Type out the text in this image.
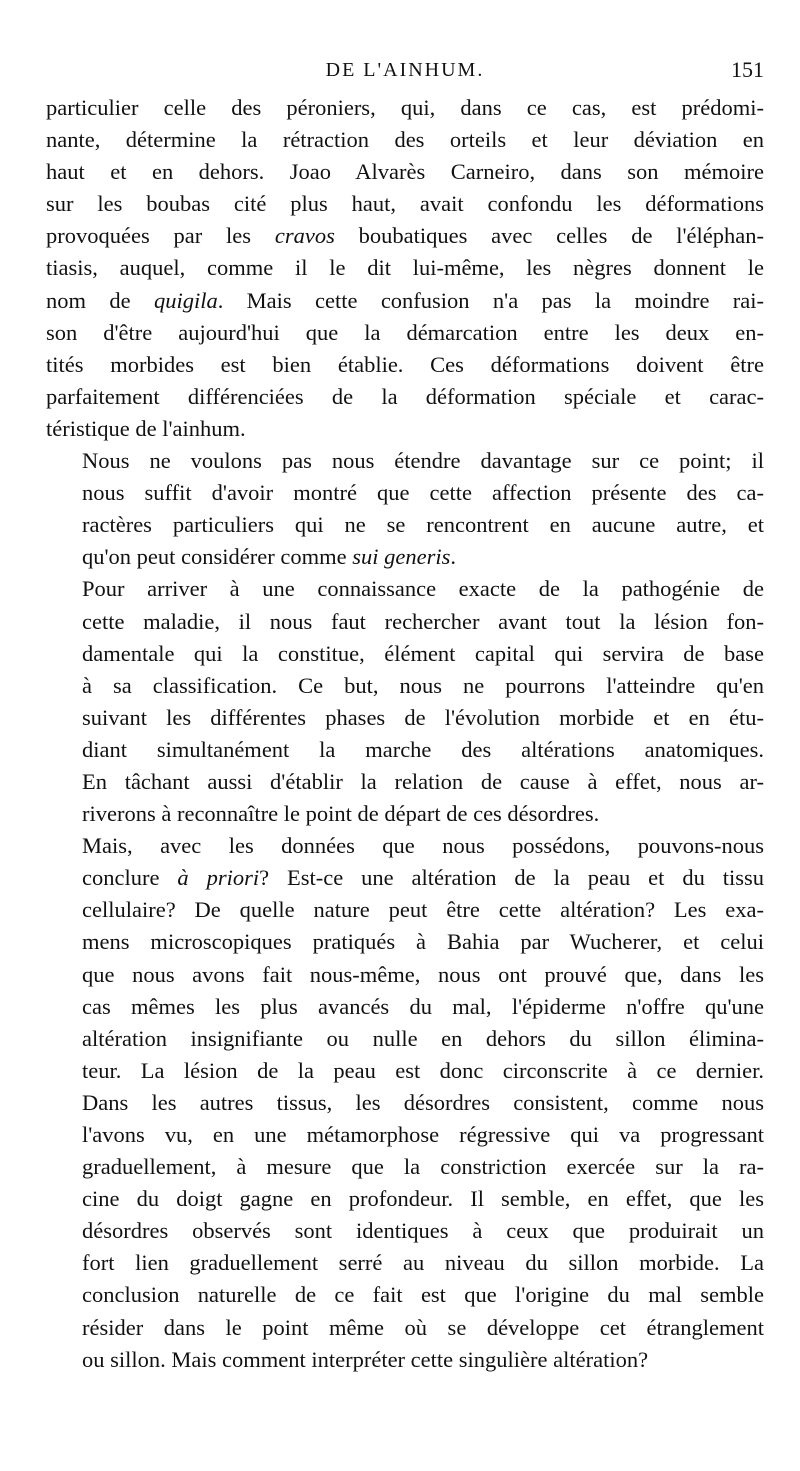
DE L'AINHUM.	151

particulier celle des péroniers, qui, dans ce cas, est prédomi-
nante, détermine la rétraction des orteils et leur déviation en
haut et en dehors. Joao Alvarès Carneiro, dans son mémoire
sur les boubas cité plus haut, avait confondu les déformations
provoquées par les cravos boubatiques avec celles de l'éléphan-
tiasis, auquel, comme il le dit lui-même, les nègres donnent le
nom de quigila. Mais cette confusion n'a pas la moindre rai-
son d'être aujourd'hui que la démarcation entre les deux en-
tités morbides est bien établie. Ces déformations doivent être
parfaitement différenciées de la déformation spéciale et carac-
téristique de l'ainhum.

Nous ne voulons pas nous étendre davantage sur ce point; il
nous suffit d'avoir montré que cette affection présente des ca-
ractères particuliers qui ne se rencontrent en aucune autre, et
qu'on peut considérer comme sui generis.

Pour arriver à une connaissance exacte de la pathogénie de
cette maladie, il nous faut rechercher avant tout la lésion fon-
damentale qui la constitue, élément capital qui servira de base
à sa classification. Ce but, nous ne pourrons l'atteindre qu'en
suivant les différentes phases de l'évolution morbide et en étu-
diant simultanément la marche des altérations anatomiques.
En tâchant aussi d'établir la relation de cause à effet, nous ar-
riverons à reconnaître le point de départ de ces désordres.

Mais, avec les données que nous possédons, pouvons-nous
conclure à priori? Est-ce une altération de la peau et du tissu
cellulaire? De quelle nature peut être cette altération? Les exa-
mens microscopiques pratiqués à Bahia par Wucherer, et celui
que nous avons fait nous-même, nous ont prouvé que, dans les
cas mêmes les plus avancés du mal, l'épiderme n'offre qu'une
altération insignifiante ou nulle en dehors du sillon élimina-
teur. La lésion de la peau est donc circonscrite à ce dernier.
Dans les autres tissus, les désordres consistent, comme nous
l'avons vu, en une métamorphose régressive qui va progressant
graduellement, à mesure que la constriction exercée sur la ra-
cine du doigt gagne en profondeur. Il semble, en effet, que les
désordres observés sont identiques à ceux que produirait un
fort lien graduellement serré au niveau du sillon morbide. La
conclusion naturelle de ce fait est que l'origine du mal semble
résider dans le point même où se développe cet étranglement
ou sillon. Mais comment interpréter cette singulière altération?
